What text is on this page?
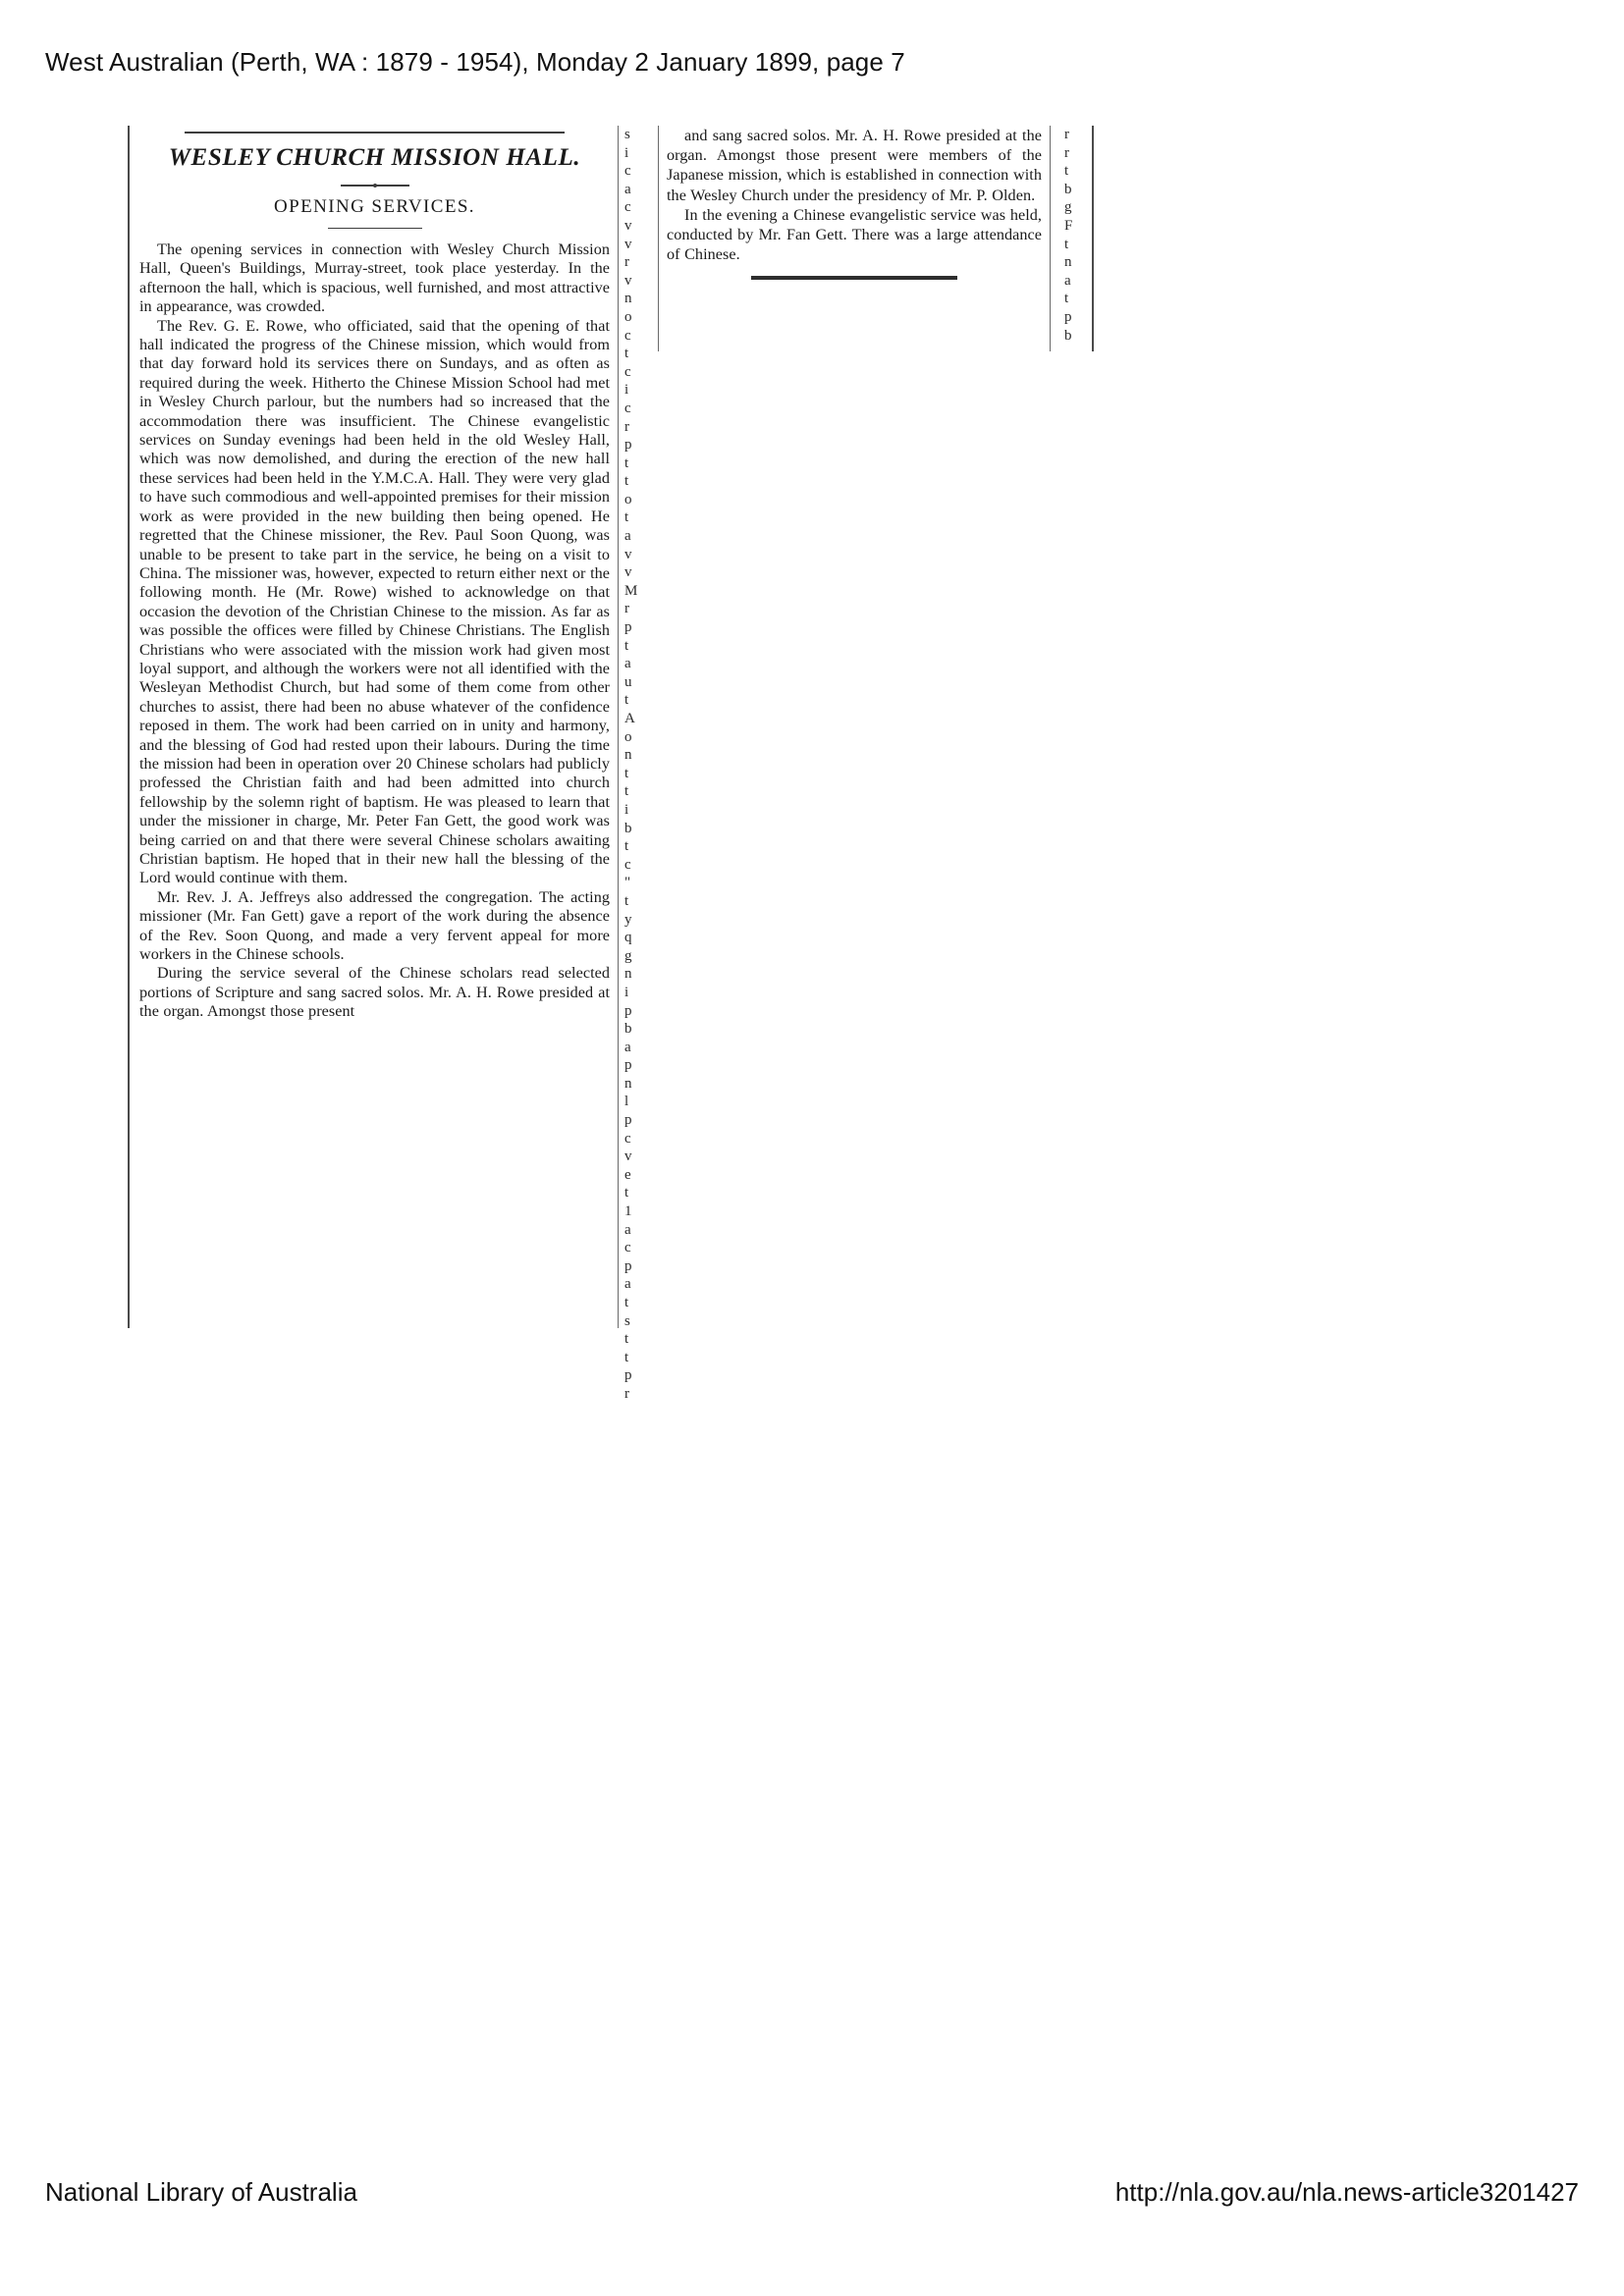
West Australian (Perth, WA : 1879 - 1954), Monday 2 January 1899, page 7
WESLEY CHURCH MISSION HALL.
OPENING SERVICES.

The opening services in connection with Wesley Church Mission Hall, Queen's Buildings, Murray-street, took place yesterday. In the afternoon the hall, which is spacious, well furnished, and most attractive in appearance, was crowded.

The Rev. G. E. Rowe, who officiated, said that the opening of that hall indicated the progress of the Chinese mission, which would from that day forward hold its services there on Sundays, and as often as required during the week. Hitherto the Chinese Mission School had met in Wesley Church parlour, but the numbers had so increased that the accommodation there was insufficient. The Chinese evangelistic services on Sunday evenings had been held in the old Wesley Hall, which was now demolished, and during the erection of the new hall these services had been held in the Y.M.C.A. Hall. They were very glad to have such commodious and well-appointed premises for their mission work as were provided in the new building then being opened. He regretted that the Chinese missioner, the Rev. Paul Soon Quong, was unable to be present to take part in the service, he being on a visit to China. The missioner was, however, expected to return either next or the following month. He (Mr. Rowe) wished to acknowledge on that occasion the devotion of the Christian Chinese to the mission. As far as was possible the offices were filled by Chinese Christians. The English Christians who were associated with the mission work had given most loyal support, and although the workers were not all identified with the Wesleyan Methodist Church, but had some of them come from other churches to assist, there had been no abuse whatever of the confidence reposed in them. The work had been carried on in unity and harmony, and the blessing of God had rested upon their labours. During the time the mission had been in operation over 20 Chinese scholars had publicly professed the Christian faith and had been admitted into church fellowship by the solemn right of baptism. He was pleased to learn that under the missioner in charge, Mr. Peter Fan Gett, the good work was being carried on and that there were several Chinese scholars awaiting Christian baptism. He hoped that in their new hall the blessing of the Lord would continue with them.

Mr. Rev. J. A. Jeffreys also addressed the congregation. The acting missioner (Mr. Fan Gett) gave a report of the work during the absence of the Rev. Soon Quong, and made a very fervent appeal for more workers in the Chinese schools.

During the service several of the Chinese scholars read selected portions of Scripture and sang sacred solos. Mr. A. H. Rowe presided at the organ. Amongst those present

s
i
c
a
c
v
v
r
v
n
o
c
t
c
i
c
r
p
t
t
o
t
a
v
v
M
r
p
t
a
u
t
A
o
n
t
t
i
b
t
c
"
t
y
q
g
n
i
p
b
a
p
n
l
p
c
v
e
t
1
a
c
p
a
t
s
t
t
p
r

and sang sacred solos. Mr. A. H. Rowe presided at the organ. Amongst those present were members of the Japanese mission, which is established in connection with the Wesley Church under the presidency of Mr. P. Olden.

In the evening a Chinese evangelistic service was held, conducted by Mr. Fan Gett. There was a large attendance of Chinese.

r
r
t
b
g
F
t
n
a
t
p
b
National Library of Australia	http://nla.gov.au/nla.news-article3201427
